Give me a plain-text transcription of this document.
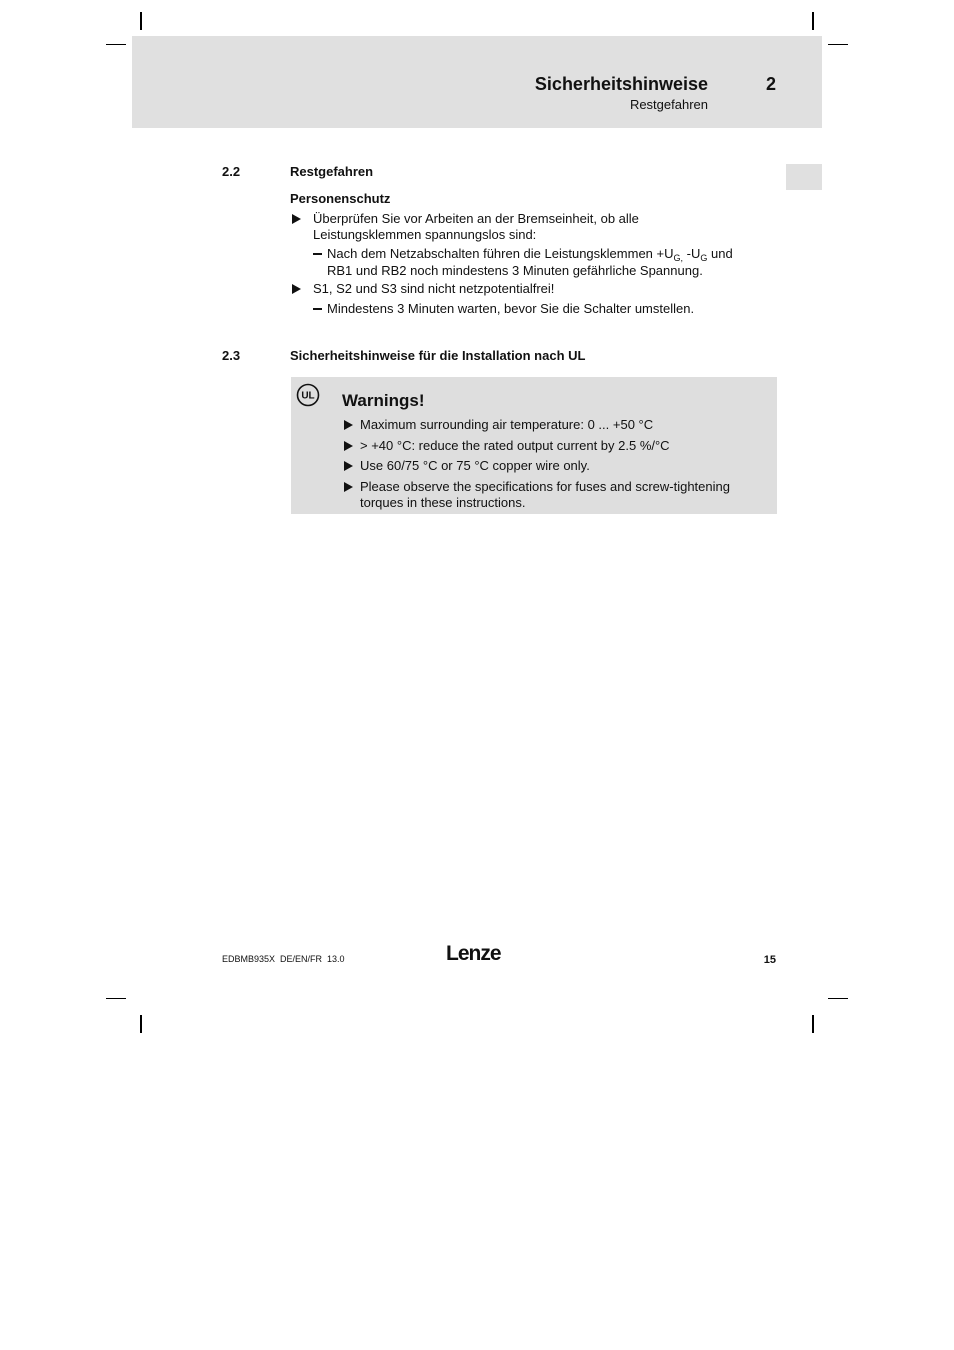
Sicherheitshinweise	2
Restgefahren
2.2	Restgefahren
Personenschutz
Überprüfen Sie vor Arbeiten an der Bremseinheit, ob alle
Leistungsklemmen spannungslos sind:
Nach dem Netzabschalten führen die Leistungsklemmen $+U_{G,}$ $-U_G$ und
RB1 und RB2 noch mindestens 3 Minuten gefährliche Spannung.
S1, S2 und S3 sind nicht netzpotentialfrei!
Mindestens 3 Minuten warten, bevor Sie die Schalter umstellen.
2.3	Sicherheitshinweise für die Installation nach UL
UL Warnings!
Maximum surrounding air temperature: 0 ... +50 °C
> +40 °C: reduce the rated output current by 2.5 %/°C
Use 60/75 °C or 75 °C copper wire only.
Please observe the specifications for fuses and screw-tightening
torques in these instructions.
EDBMB935X  DE/EN/FR  13.0	Lenze	15
